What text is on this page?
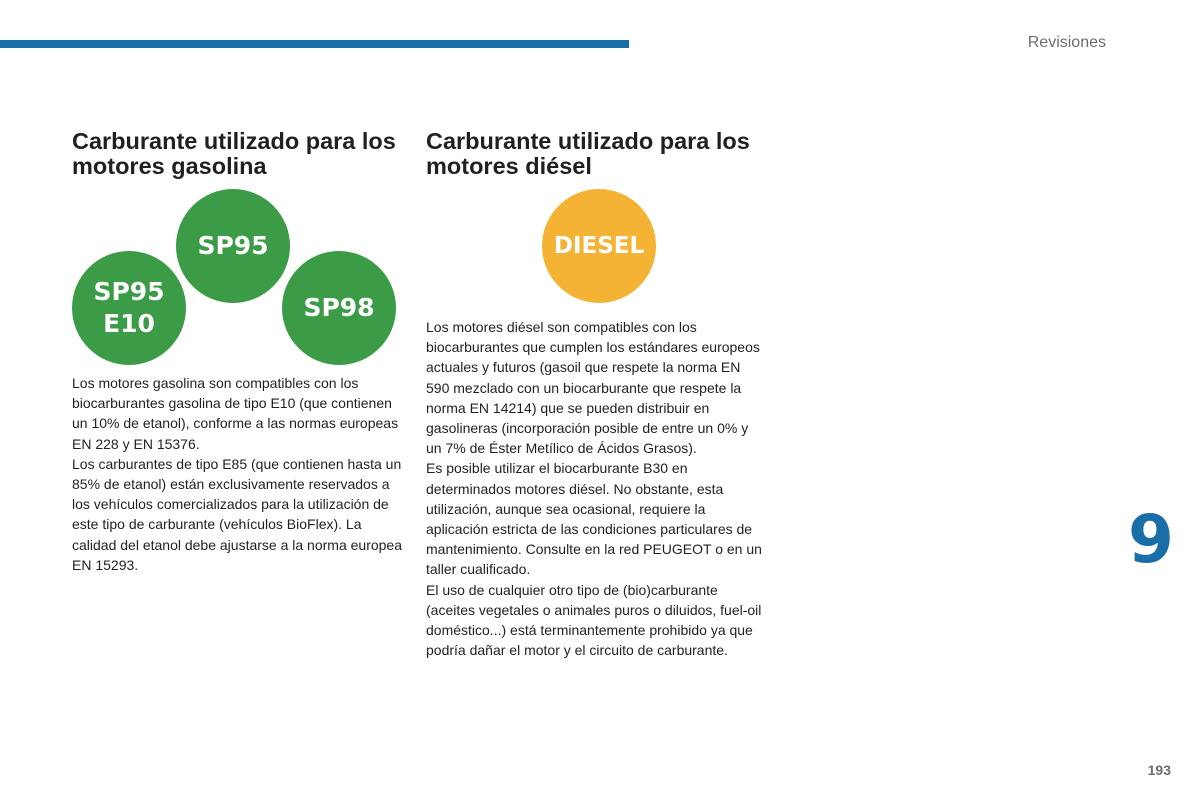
Revisiones
Carburante utilizado para los motores gasolina
Carburante utilizado para los motores diésel
SP95
SP95
E10
SP98
DIESEL

Los motores gasolina son compatibles con los biocarburantes gasolina de tipo E10 (que contienen un 10% de etanol), conforme a las normas europeas EN 228 y EN 15376.

Los carburantes de tipo E85 (que contienen hasta un 85% de etanol) están exclusivamente reservados a los vehículos comercializados para la utilización de este tipo de carburante (vehículos BioFlex). La calidad del etanol debe ajustarse a la norma europea EN 15293.

Los motores diésel son compatibles con los biocarburantes que cumplen los estándares europeos actuales y futuros (gasoil que respete la norma EN 590 mezclado con un biocarburante que respete la norma EN 14214) que se pueden distribuir en gasolineras (incorporación posible de entre un 0% y un 7% de Éster Metílico de Ácidos Grasos).

Es posible utilizar el biocarburante B30 en determinados motores diésel. No obstante, esta utilización, aunque sea ocasional, requiere la aplicación estricta de las condiciones particulares de mantenimiento. Consulte en la red PEUGEOT o en un taller cualificado.

El uso de cualquier otro tipo de (bio)carburante (aceites vegetales o animales puros o diluidos, fuel-oil doméstico...) está terminantemente prohibido ya que podría dañar el motor y el circuito de carburante.

9
193
